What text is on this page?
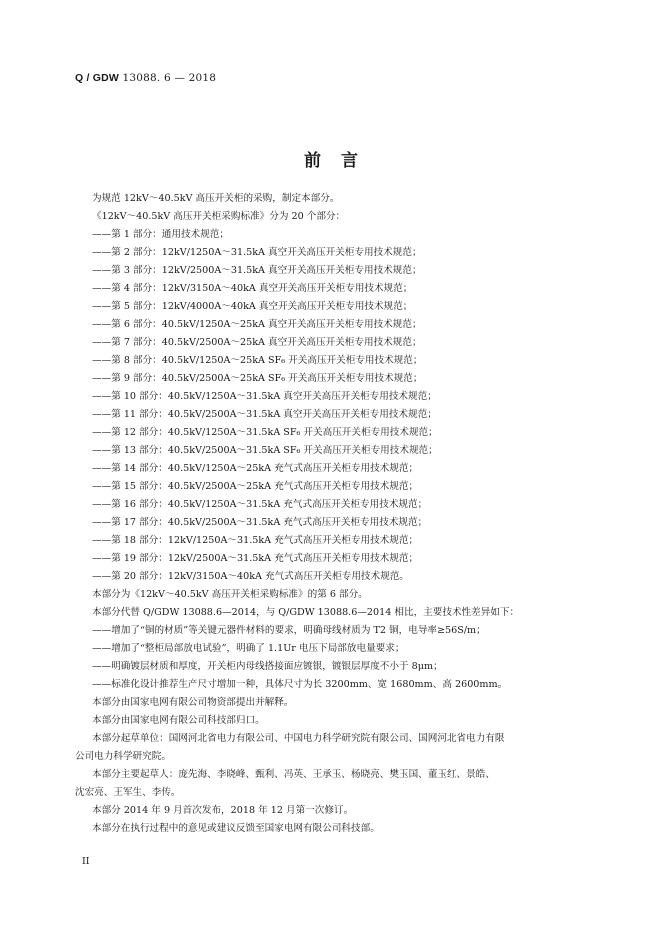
Q / GDW 13088. 6 — 2018
前言

为规范 12kV～40.5kV 高压开关柜的采购，制定本部分。

《12kV～40.5kV 高压开关柜采购标准》分为 20 个部分：

——第 1 部分：通用技术规范；

——第 2 部分：12kV/1250A～31.5kA 真空开关高压开关柜专用技术规范；

——第 3 部分：12kV/2500A～31.5kA 真空开关高压开关柜专用技术规范；

——第 4 部分：12kV/3150A～40kA 真空开关高压开关柜专用技术规范；

——第 5 部分：12kV/4000A～40kA 真空开关高压开关柜专用技术规范；

——第 6 部分：40.5kV/1250A～25kA 真空开关高压开关柜专用技术规范；

——第 7 部分：40.5kV/2500A～25kA 真空开关高压开关柜专用技术规范；

——第 8 部分：40.5kV/1250A～25kA SF₆ 开关高压开关柜专用技术规范；

——第 9 部分：40.5kV/2500A～25kA SF₆ 开关高压开关柜专用技术规范；

——第 10 部分：40.5kV/1250A～31.5kA 真空开关高压开关柜专用技术规范；

——第 11 部分：40.5kV/2500A～31.5kA 真空开关高压开关柜专用技术规范；

——第 12 部分：40.5kV/1250A～31.5kA SF₆ 开关高压开关柜专用技术规范；

——第 13 部分：40.5kV/2500A～31.5kA SF₆ 开关高压开关柜专用技术规范；

——第 14 部分：40.5kV/1250A～25kA 充气式高压开关柜专用技术规范；

——第 15 部分：40.5kV/2500A～25kA 充气式高压开关柜专用技术规范；

——第 16 部分：40.5kV/1250A～31.5kA 充气式高压开关柜专用技术规范；

——第 17 部分：40.5kV/2500A～31.5kA 充气式高压开关柜专用技术规范；

——第 18 部分：12kV/1250A～31.5kA 充气式高压开关柜专用技术规范；

——第 19 部分：12kV/2500A～31.5kA 充气式高压开关柜专用技术规范；

——第 20 部分：12kV/3150A～40kA 充气式高压开关柜专用技术规范。

本部分为《12kV～40.5kV 高压开关柜采购标准》的第 6 部分。

本部分代替 Q/GDW 13088.6—2014，与 Q/GDW 13088.6—2014 相比，主要技术性差异如下：

——增加了“铜的材质”等关键元器件材料的要求，明确母线材质为 T2 铜，电导率≥56S/m；

——增加了“整柜局部放电试验”，明确了 1.1Ur 电压下局部放电量要求；

——明确镀层材质和厚度，开关柜内母线搭接面应镀银，镀银层厚度不小于 8μm；

——标准化设计推荐生产尺寸增加一种，具体尺寸为长 3200mm、宽 1680mm、高 2600mm。

本部分由国家电网有限公司物资部提出并解释。

本部分由国家电网有限公司科技部归口。

本部分起草单位：国网河北省电力有限公司、中国电力科学研究院有限公司、国网河北省电力有限

公司电力科学研究院。

本部分主要起草人：庞先海、李晓峰、甄利、冯英、王承玉、杨晓亮、樊玉国、董玉红、景皓、

沈宏亮、王军生、李传。

本部分 2014 年 9 月首次发布，2018 年 12 月第一次修订。

本部分在执行过程中的意见或建议反馈至国家电网有限公司科技部。

II
